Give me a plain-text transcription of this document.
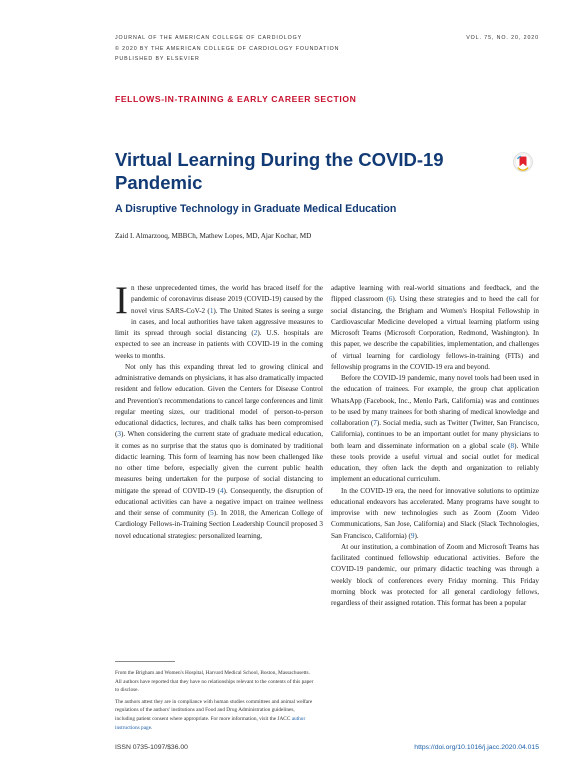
JOURNAL OF THE AMERICAN COLLEGE OF CARDIOLOGY
© 2020 BY THE AMERICAN COLLEGE OF CARDIOLOGY FOUNDATION
PUBLISHED BY ELSEVIER
VOL. 75, NO. 20, 2020
FELLOWS-IN-TRAINING & EARLY CAREER SECTION
Virtual Learning During the COVID-19 Pandemic
A Disruptive Technology in Graduate Medical Education
Zaid I. Almarzooq, MBBCh, Mathew Lopes, MD, Ajar Kochar, MD

In these unprecedented times, the world has braced itself for the pandemic of coronavirus disease 2019 (COVID-19) caused by the novel virus SARS-CoV-2 (1). The United States is seeing a surge in cases, and local authorities have taken aggressive measures to limit its spread through social distancing (2). U.S. hospitals are expected to see an increase in patients with COVID-19 in the coming weeks to months.

Not only has this expanding threat led to growing clinical and administrative demands on physicians, it has also dramatically impacted resident and fellow education. Given the Centers for Disease Control and Prevention's recommendations to cancel large conferences and limit regular meeting sizes, our traditional model of person-to-person educational didactics, lectures, and chalk talks has been compromised (3). When considering the current state of graduate medical education, it comes as no surprise that the status quo is dominated by traditional didactic learning. This form of learning has now been challenged like no other time before, especially given the current public health measures being undertaken for the purpose of social distancing to mitigate the spread of COVID-19 (4). Consequently, the disruption of educational activities can have a negative impact on trainee wellness and their sense of community (5). In 2018, the American College of Cardiology Fellows-in-Training Section Leadership Council proposed 3 novel educational strategies: personalized learning,

adaptive learning with real-world situations and feedback, and the flipped classroom (6). Using these strategies and to heed the call for social distancing, the Brigham and Women's Hospital Fellowship in Cardiovascular Medicine developed a virtual learning platform using Microsoft Teams (Microsoft Corporation, Redmond, Washington). In this paper, we describe the capabilities, implementation, and challenges of virtual learning for cardiology fellows-in-training (FITs) and fellowship programs in the COVID-19 era and beyond.

Before the COVID-19 pandemic, many novel tools had been used in the education of trainees. For example, the group chat application WhatsApp (Facebook, Inc., Menlo Park, California) was and continues to be used by many trainees for both sharing of medical knowledge and collaboration (7). Social media, such as Twitter (Twitter, San Francisco, California), continues to be an important outlet for many physicians to both learn and disseminate information on a global scale (8). While these tools provide a useful virtual and social outlet for medical education, they often lack the depth and organization to reliably implement an educational curriculum.

In the COVID-19 era, the need for innovative solutions to optimize educational endeavors has accelerated. Many programs have sought to improvise with new technologies such as Zoom (Zoom Video Communications, San Jose, California) and Slack (Slack Technologies, San Francisco, California) (9).

At our institution, a combination of Zoom and Microsoft Teams has facilitated continued fellowship educational activities. Before the COVID-19 pandemic, our primary didactic teaching was through a weekly block of conferences every Friday morning. This Friday morning block was protected for all general cardiology fellows, regardless of their assigned rotation. This format has been a popular

From the Brigham and Women's Hospital, Harvard Medical School, Boston, Massachusetts. All authors have reported that they have no relationships relevant to the contents of this paper to disclose.

The authors attest they are in compliance with human studies committees and animal welfare regulations of the authors' institutions and Food and Drug Administration guidelines, including patient consent where appropriate. For more information, visit the JACC author instructions page.

ISSN 0735-1097/$36.00	https://doi.org/10.1016/j.jacc.2020.04.015
